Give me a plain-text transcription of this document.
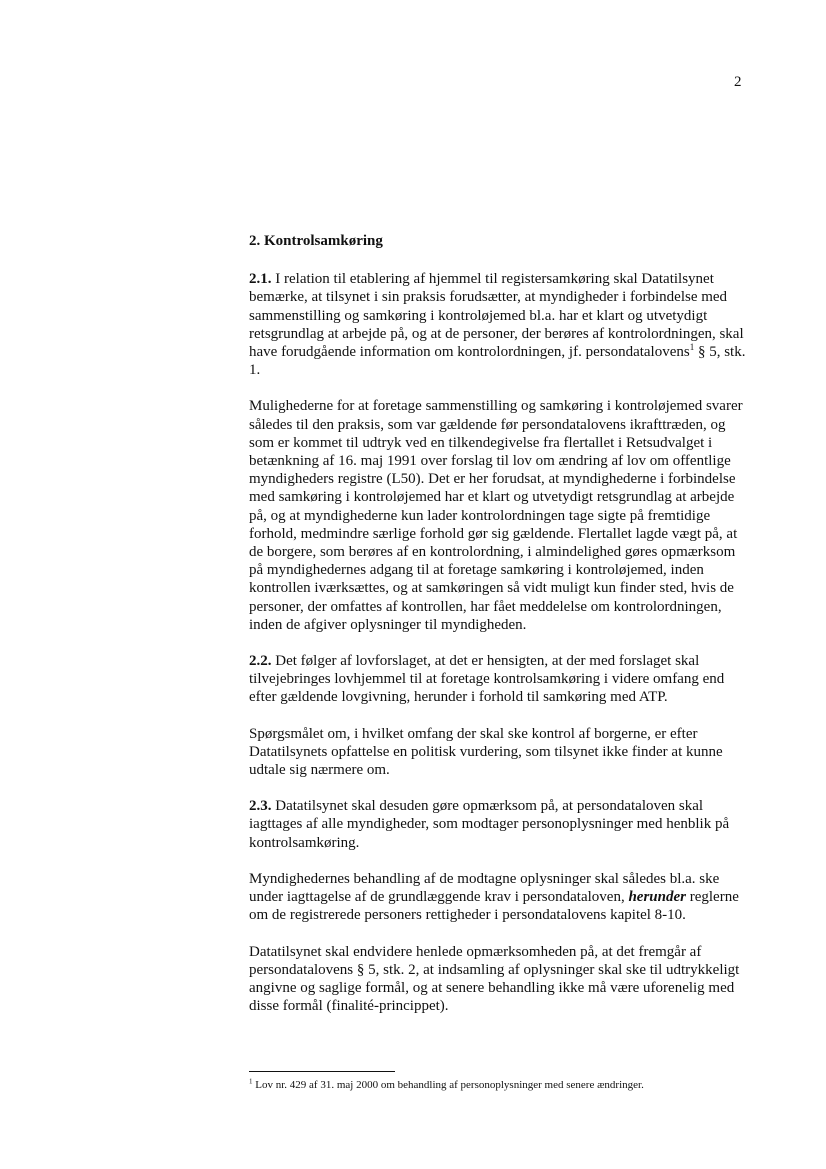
2

2. Kontrolsamkøring

2.1. I relation til etablering af hjemmel til registersamkøring skal Datatilsynet bemærke, at tilsynet i sin praksis forudsætter, at myndigheder i forbindelse med sammenstilling og samkøring i kontroløjemed bl.a. har et klart og utvetydigt retsgrundlag at arbejde på, og at de personer, der berøres af kontrolordningen, skal have forudgående information om kontrolordningen, jf. persondatalovens$^1$ § 5, stk. 1.

Mulighederne for at foretage sammenstilling og samkøring i kontroløjemed svarer således til den praksis, som var gældende før persondatalovens ikrafttræden, og som er kommet til udtryk ved en tilkendegivelse fra flertallet i Retsudvalget i betænkning af 16. maj 1991 over forslag til lov om ændring af lov om offentlige myndigheders registre (L50). Det er her forudsat, at myndighederne i forbindelse med samkøring i kontroløjemed har et klart og utvetydigt retsgrundlag at arbejde på, og at myndighederne kun lader kontrolordningen tage sigte på fremtidige forhold, medmindre særlige forhold gør sig gældende. Flertallet lagde vægt på, at de borgere, som berøres af en kontrolordning, i almindelighed gøres opmærksom på myndighedernes adgang til at foretage samkøring i kontroløjemed, inden kontrollen iværksættes, og at samkøringen så vidt muligt kun finder sted, hvis de personer, der omfattes af kontrollen, har fået meddelelse om kontrolordningen, inden de afgiver oplysninger til myndigheden.

2.2. Det følger af lovforslaget, at det er hensigten, at der med forslaget skal tilvejebringes lovhjemmel til at foretage kontrolsamkøring i videre omfang end efter gældende lovgivning, herunder i forhold til samkøring med ATP.

Spørgsmålet om, i hvilket omfang der skal ske kontrol af borgerne, er efter Datatilsynets opfattelse en politisk vurdering, som tilsynet ikke finder at kunne udtale sig nærmere om.

2.3. Datatilsynet skal desuden gøre opmærksom på, at persondataloven skal iagttages af alle myndigheder, som modtager personoplysninger med henblik på kontrolsamkøring.

Myndighedernes behandling af de modtagne oplysninger skal således bl.a. ske under iagttagelse af de grundlæggende krav i persondataloven, herunder reglerne om de registrerede personers rettigheder i persondatalovens kapitel 8-10.

Datatilsynet skal endvidere henlede opmærksomheden på, at det fremgår af persondatalovens § 5, stk. 2, at indsamling af oplysninger skal ske til udtrykkeligt angivne og saglige formål, og at senere behandling ikke må være uforenelig med disse formål (finalité-princippet).

$^1$ Lov nr. 429 af 31. maj 2000 om behandling af personoplysninger med senere ændringer.
